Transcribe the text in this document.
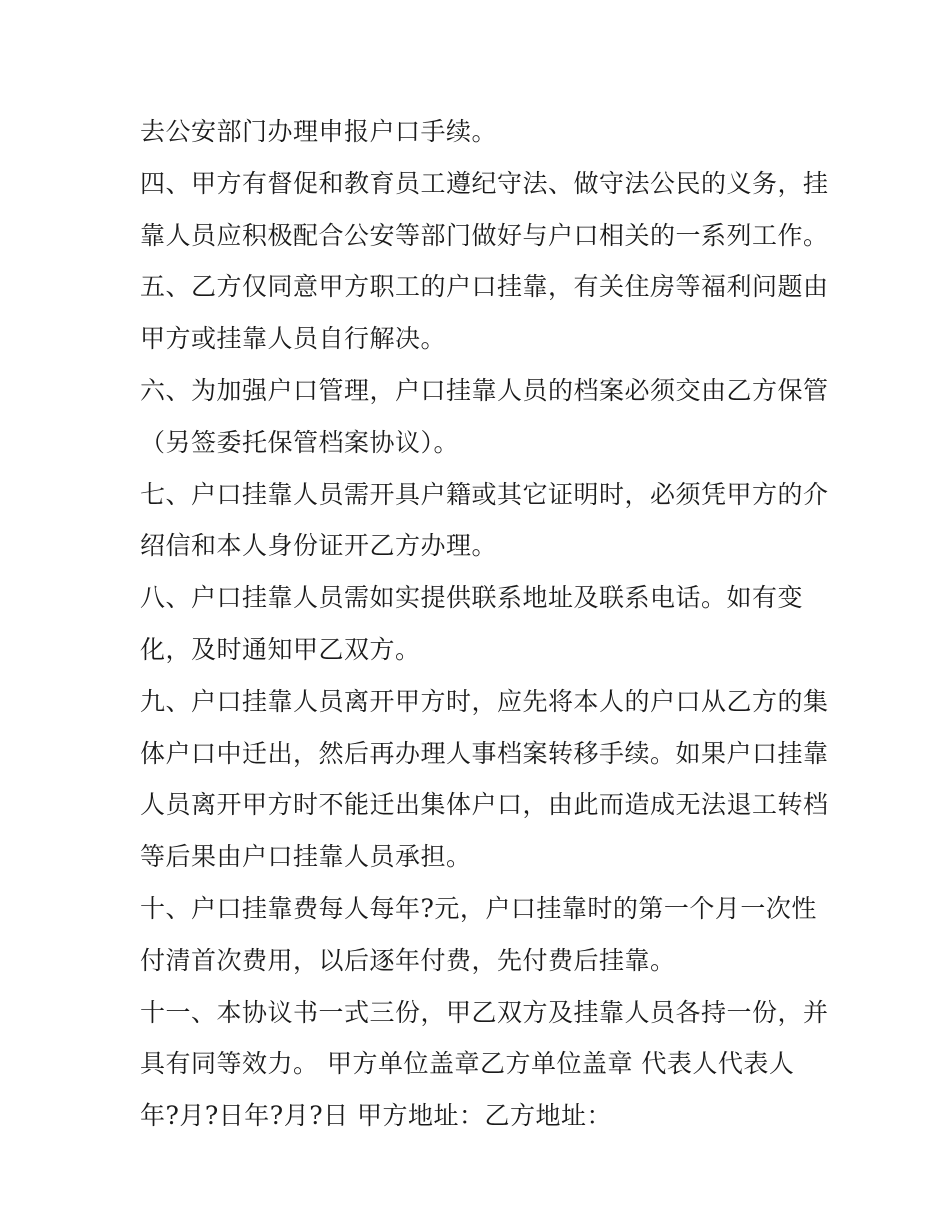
去公安部门办理申报户口手续。
四、甲方有督促和教育员工遵纪守法、做守法公民的义务，挂
靠人员应积极配合公安等部门做好与户口相关的一系列工作。
五、乙方仅同意甲方职工的户口挂靠，有关住房等福利问题由
甲方或挂靠人员自行解决。
六、为加强户口管理，户口挂靠人员的档案必须交由乙方保管
（另签委托保管档案协议）。
七、户口挂靠人员需开具户籍或其它证明时，必须凭甲方的介
绍信和本人身份证开乙方办理。
八、户口挂靠人员需如实提供联系地址及联系电话。如有变
化，及时通知甲乙双方。
九、户口挂靠人员离开甲方时，应先将本人的户口从乙方的集
体户口中迁出，然后再办理人事档案转移手续。如果户口挂靠
人员离开甲方时不能迁出集体户口，由此而造成无法退工转档
等后果由户口挂靠人员承担。
十、户口挂靠费每人每年?元，户口挂靠时的第一个月一次性
付清首次费用，以后逐年付费，先付费后挂靠。
十一、本协议书一式三份，甲乙双方及挂靠人员各持一份，并
具有同等效力。 甲方单位盖章乙方单位盖章 代表人代表人
年?月?日年?月?日 甲方地址：乙方地址：
